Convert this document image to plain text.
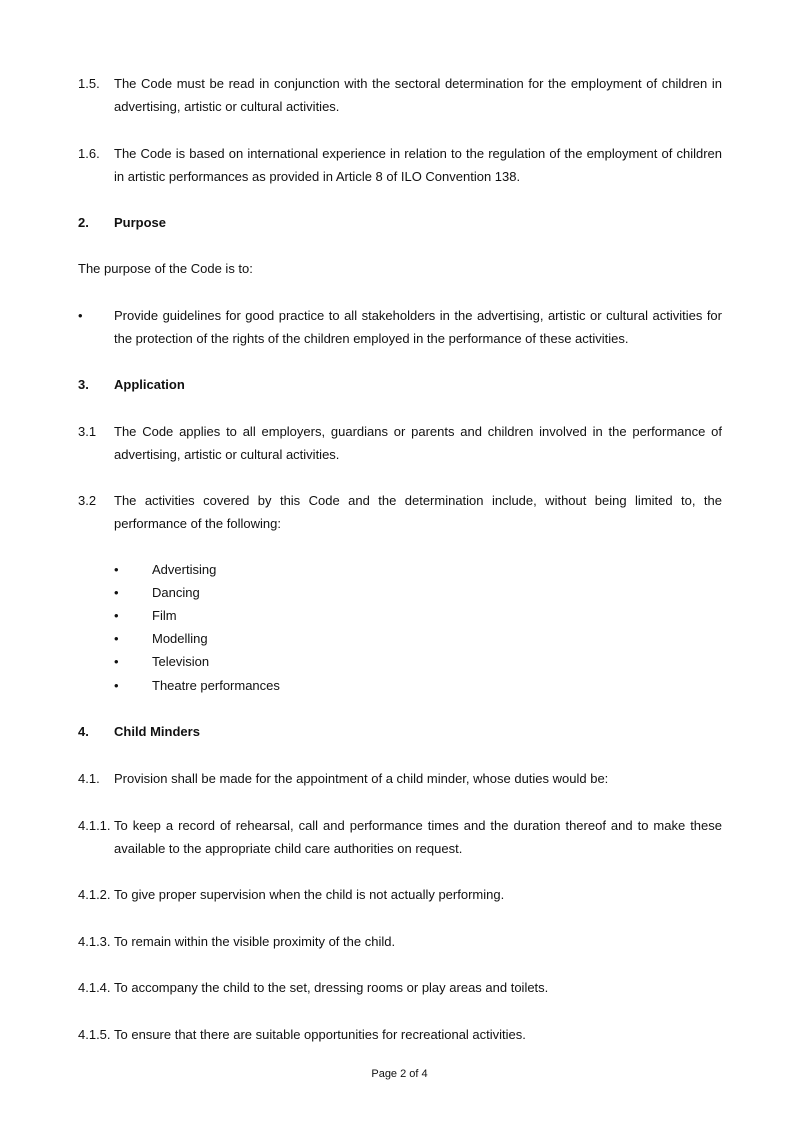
1.5. The Code must be read in conjunction with the sectoral determination for the employment of children in advertising, artistic or cultural activities.
1.6. The Code is based on international experience in relation to the regulation of the employment of children in artistic performances as provided in Article 8 of ILO Convention 138.
2. Purpose
The purpose of the Code is to:
• Provide guidelines for good practice to all stakeholders in the advertising, artistic or cultural activities for the protection of the rights of the children employed in the performance of these activities.
3. Application
3.1 The Code applies to all employers, guardians or parents and children involved in the performance of advertising, artistic or cultural activities.
3.2 The activities covered by this Code and the determination include, without being limited to, the performance of the following:
•	Advertising
•	Dancing
•	Film
•	Modelling
•	Television
•	Theatre performances
4. Child Minders
4.1. Provision shall be made for the appointment of a child minder, whose duties would be:
4.1.1. To keep a record of rehearsal, call and performance times and the duration thereof and to make these available to the appropriate child care authorities on request.
4.1.2. To give proper supervision when the child is not actually performing.
4.1.3. To remain within the visible proximity of the child.
4.1.4. To accompany the child to the set, dressing rooms or play areas and toilets.
4.1.5. To ensure that there are suitable opportunities for recreational activities.
Page 2 of 4
